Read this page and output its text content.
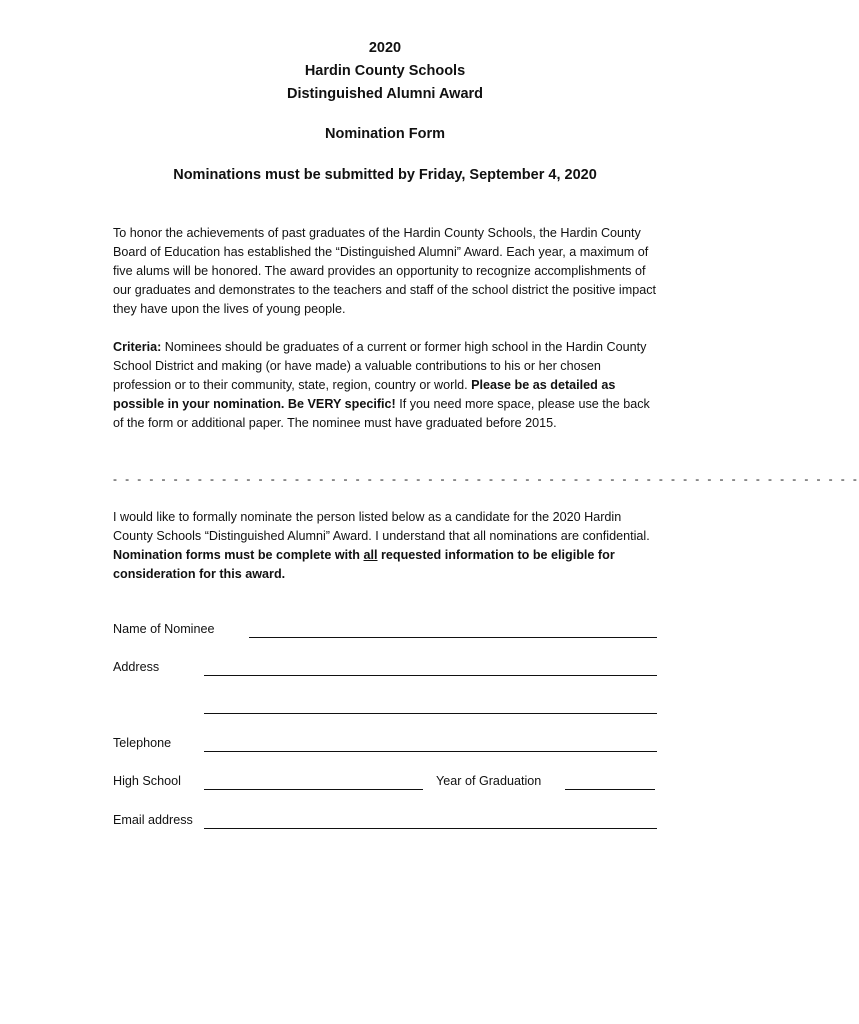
2020
Hardin County Schools
Distinguished Alumni Award
Nomination Form
Nominations must be submitted by Friday, September 4, 2020
To honor the achievements of past graduates of the Hardin County Schools, the Hardin County Board of Education has established the “Distinguished Alumni” Award. Each year, a maximum of five alums will be honored. The award provides an opportunity to recognize accomplishments of our graduates and demonstrates to the teachers and staff of the school district the positive impact they have upon the lives of young people.
Criteria: Nominees should be graduates of a current or former high school in the Hardin County School District and making (or have made) a valuable contributions to his or her chosen profession or to their community, state, region, country or world. Please be as detailed as possible in your nomination. Be VERY specific! If you need more space, please use the back of the form or additional paper. The nominee must have graduated before 2015.
- - - - - - - - - - - - - - - - - - - - - - - - - - - - - - - - - - - - - - - - - - - - - - - - - - - - - - - - - - - - - -
I would like to formally nominate the person listed below as a candidate for the 2020 Hardin County Schools “Distinguished Alumni” Award. I understand that all nominations are confidential. Nomination forms must be complete with all requested information to be eligible for consideration for this award.
Name of Nominee
Address
Telephone
High School	Year of Graduation
Email address
